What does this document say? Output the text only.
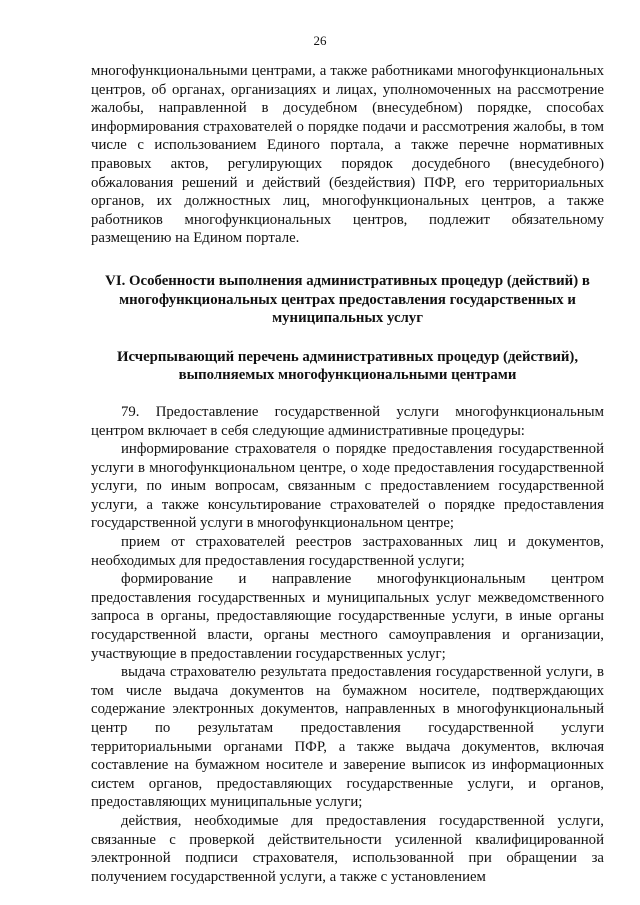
26

многофункциональными центрами, а также работниками многофункциональных центров, об органах, организациях и лицах, уполномоченных на рассмотрение жалобы, направленной в досудебном (внесудебном) порядке, способах информирования страхователей о порядке подачи и рассмотрения жалобы, в том числе с использованием Единого портала, а также перечне нормативных правовых актов, регулирующих порядок досудебного (внесудебного) обжалования решений и действий (бездействия) ПФР, его территориальных органов, их должностных лиц, многофункциональных центров, а также работников многофункциональных центров, подлежит обязательному размещению на Едином портале.

VI. Особенности выполнения административных процедур (действий) в многофункциональных центрах предоставления государственных и муниципальных услуг
Исчерпывающий перечень административных процедур (действий), выполняемых многофункциональными центрами

79. Предоставление государственной услуги многофункциональным центром включает в себя следующие административные процедуры:

информирование страхователя о порядке предоставления государственной услуги в многофункциональном центре, о ходе предоставления государственной услуги, по иным вопросам, связанным с предоставлением государственной услуги, а также консультирование страхователей о порядке предоставления государственной услуги в многофункциональном центре;

прием от страхователей реестров застрахованных лиц и документов, необходимых для предоставления государственной услуги;

формирование и направление многофункциональным центром предоставления государственных и муниципальных услуг межведомственного запроса в органы, предоставляющие государственные услуги, в иные органы государственной власти, органы местного самоуправления и организации, участвующие в предоставлении государственных услуг;

выдача страхователю результата предоставления государственной услуги, в том числе выдача документов на бумажном носителе, подтверждающих содержание электронных документов, направленных в многофункциональный центр по результатам предоставления государственной услуги территориальными органами ПФР, а также выдача документов, включая составление на бумажном носителе и заверение выписок из информационных систем органов, предоставляющих государственные услуги, и органов, предоставляющих муниципальные услуги;

действия, необходимые для предоставления государственной услуги, связанные с проверкой действительности усиленной квалифицированной электронной подписи страхователя, использованной при обращении за получением государственной услуги, а также с установлением
